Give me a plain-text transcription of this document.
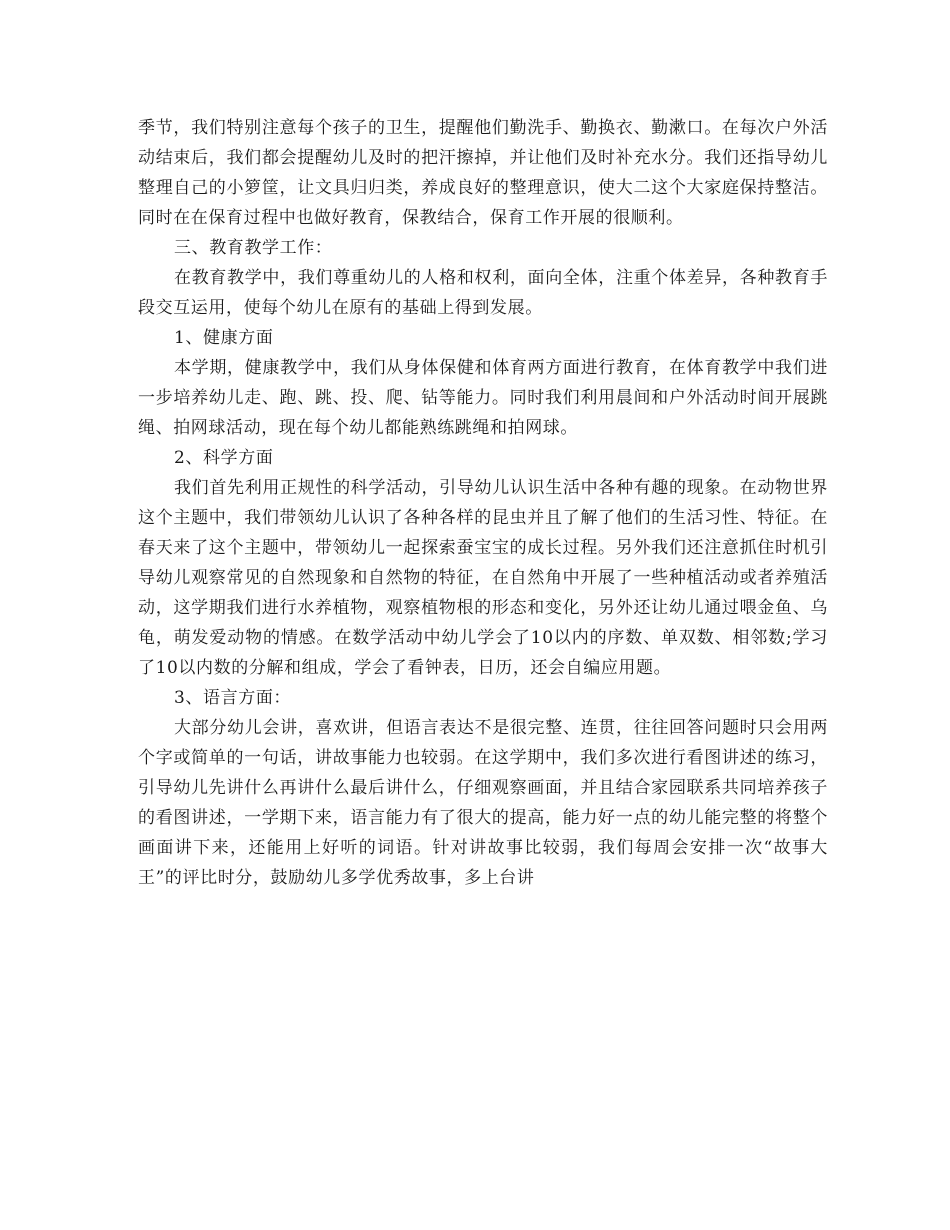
季节，我们特别注意每个孩子的卫生，提醒他们勤洗手、勤换衣、勤漱口。在每次户外活动结束后，我们都会提醒幼儿及时的把汗擦掉，并让他们及时补充水分。我们还指导幼儿整理自己的小箩筐，让文具归归类，养成良好的整理意识，使大二这个大家庭保持整洁。同时在在保育过程中也做好教育，保教结合，保育工作开展的很顺利。

三、教育教学工作：

在教育教学中，我们尊重幼儿的人格和权利，面向全体，注重个体差异，各种教育手段交互运用，使每个幼儿在原有的基础上得到发展。

1、健康方面

本学期，健康教学中，我们从身体保健和体育两方面进行教育，在体育教学中我们进一步培养幼儿走、跑、跳、投、爬、钻等能力。同时我们利用晨间和户外活动时间开展跳绳、拍网球活动，现在每个幼儿都能熟练跳绳和拍网球。

2、科学方面

我们首先利用正规性的科学活动，引导幼儿认识生活中各种有趣的现象。在动物世界这个主题中，我们带领幼儿认识了各种各样的昆虫并且了解了他们的生活习性、特征。在春天来了这个主题中，带领幼儿一起探索蚕宝宝的成长过程。另外我们还注意抓住时机引导幼儿观察常见的自然现象和自然物的特征，在自然角中开展了一些种植活动或者养殖活动，这学期我们进行水养植物，观察植物根的形态和变化，另外还让幼儿通过喂金鱼、乌龟，萌发爱动物的情感。在数学活动中幼儿学会了10以内的序数、单双数、相邻数;学习了10以内数的分解和组成，学会了看钟表，日历，还会自编应用题。

3、语言方面：

大部分幼儿会讲，喜欢讲，但语言表达不是很完整、连贯，往往回答问题时只会用两个字或简单的一句话，讲故事能力也较弱。在这学期中，我们多次进行看图讲述的练习，引导幼儿先讲什么再讲什么最后讲什么，仔细观察画面，并且结合家园联系共同培养孩子的看图讲述，一学期下来，语言能力有了很大的提高，能力好一点的幼儿能完整的将整个画面讲下来，还能用上好听的词语。针对讲故事比较弱，我们每周会安排一次“故事大王”的评比时分，鼓励幼儿多学优秀故事，多上台讲
